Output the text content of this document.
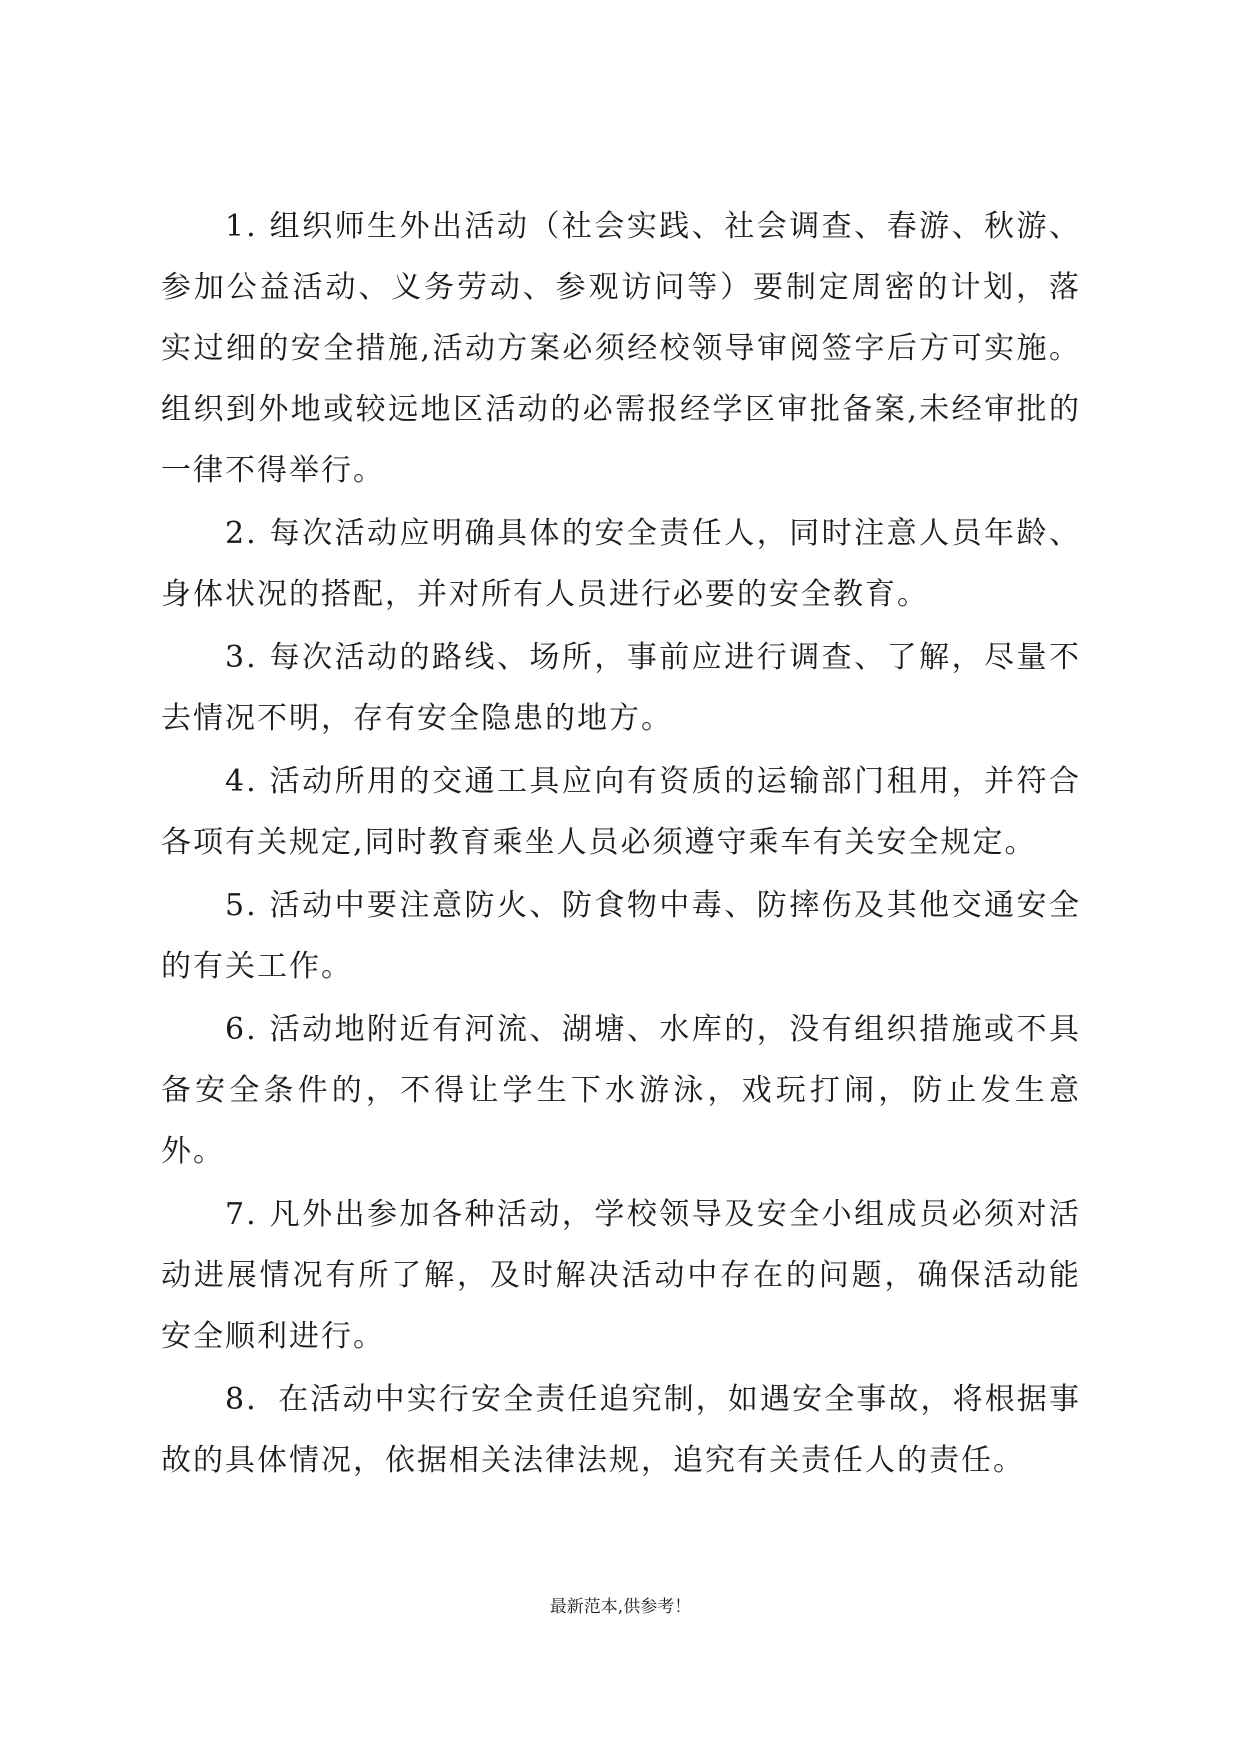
1. 组织师生外出活动（社会实践、社会调查、春游、秋游、参加公益活动、义务劳动、参观访问等）要制定周密的计划，落实过细的安全措施,活动方案必须经校领导审阅签字后方可实施。组织到外地或较远地区活动的必需报经学区审批备案,未经审批的一律不得举行。

2. 每次活动应明确具体的安全责任人，同时注意人员年龄、身体状况的搭配，并对所有人员进行必要的安全教育。

3. 每次活动的路线、场所，事前应进行调查、了解，尽量不去情况不明，存有安全隐患的地方。

4. 活动所用的交通工具应向有资质的运输部门租用，并符合各项有关规定,同时教育乘坐人员必须遵守乘车有关安全规定。

5. 活动中要注意防火、防食物中毒、防摔伤及其他交通安全的有关工作。

6. 活动地附近有河流、湖塘、水库的，没有组织措施或不具备安全条件的，不得让学生下水游泳，戏玩打闹，防止发生意外。

7. 凡外出参加各种活动，学校领导及安全小组成员必须对活动进展情况有所了解，及时解决活动中存在的问题，确保活动能安全顺利进行。

8．在活动中实行安全责任追究制，如遇安全事故，将根据事故的具体情况，依据相关法律法规，追究有关责任人的责任。

最新范本,供参考！
